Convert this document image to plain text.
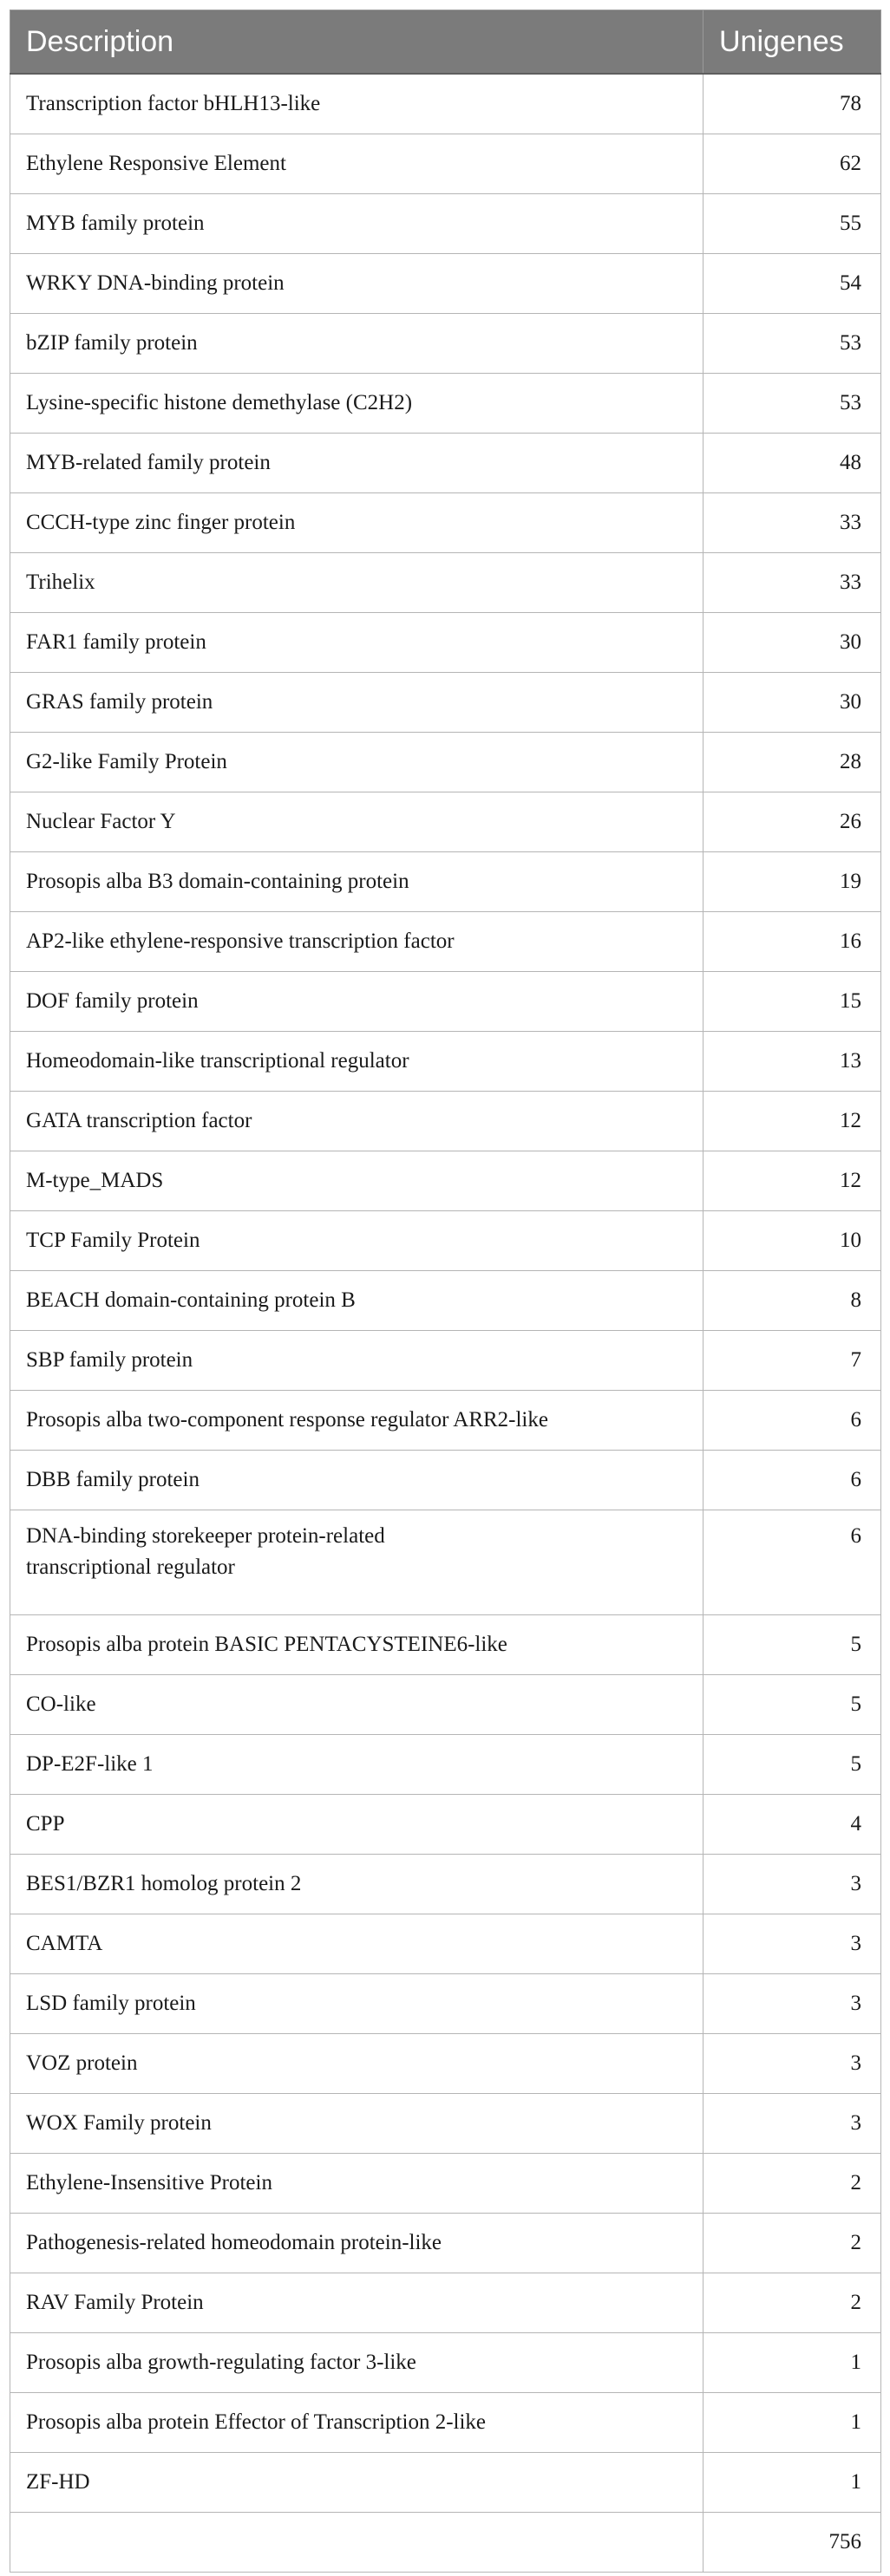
Description	Unigenes
Transcription factor bHLH13-like	78
Ethylene Responsive Element	62
MYB family protein	55
WRKY DNA-binding protein	54
bZIP family protein	53
Lysine-specific histone demethylase (C2H2)	53
MYB-related family protein	48
CCCH-type zinc finger protein	33
Trihelix	33
FAR1 family protein	30
GRAS family protein	30
G2-like Family Protein	28
Nuclear Factor Y	26
Prosopis alba B3 domain-containing protein	19
AP2-like ethylene-responsive transcription factor	16
DOF family protein	15
Homeodomain-like transcriptional regulator	13
GATA transcription factor	12
M-type_MADS	12
TCP Family Protein	10
BEACH domain-containing protein B	8
SBP family protein	7
Prosopis alba two-component response regulator ARR2-like	6
DBB family protein	6
DNA-binding storekeeper protein-related
transcriptional regulator	6
Prosopis alba protein BASIC PENTACYSTEINE6-like	5
CO-like	5
DP-E2F-like 1	5
CPP	4
BES1/BZR1 homolog protein 2	3
CAMTA	3
LSD family protein	3
VOZ protein	3
WOX Family protein	3
Ethylene-Insensitive Protein	2
Pathogenesis-related homeodomain protein-like	2
RAV Family Protein	2
Prosopis alba growth-regulating factor 3-like	1
Prosopis alba protein Effector of Transcription 2-like	1
ZF-HD	1
	756
